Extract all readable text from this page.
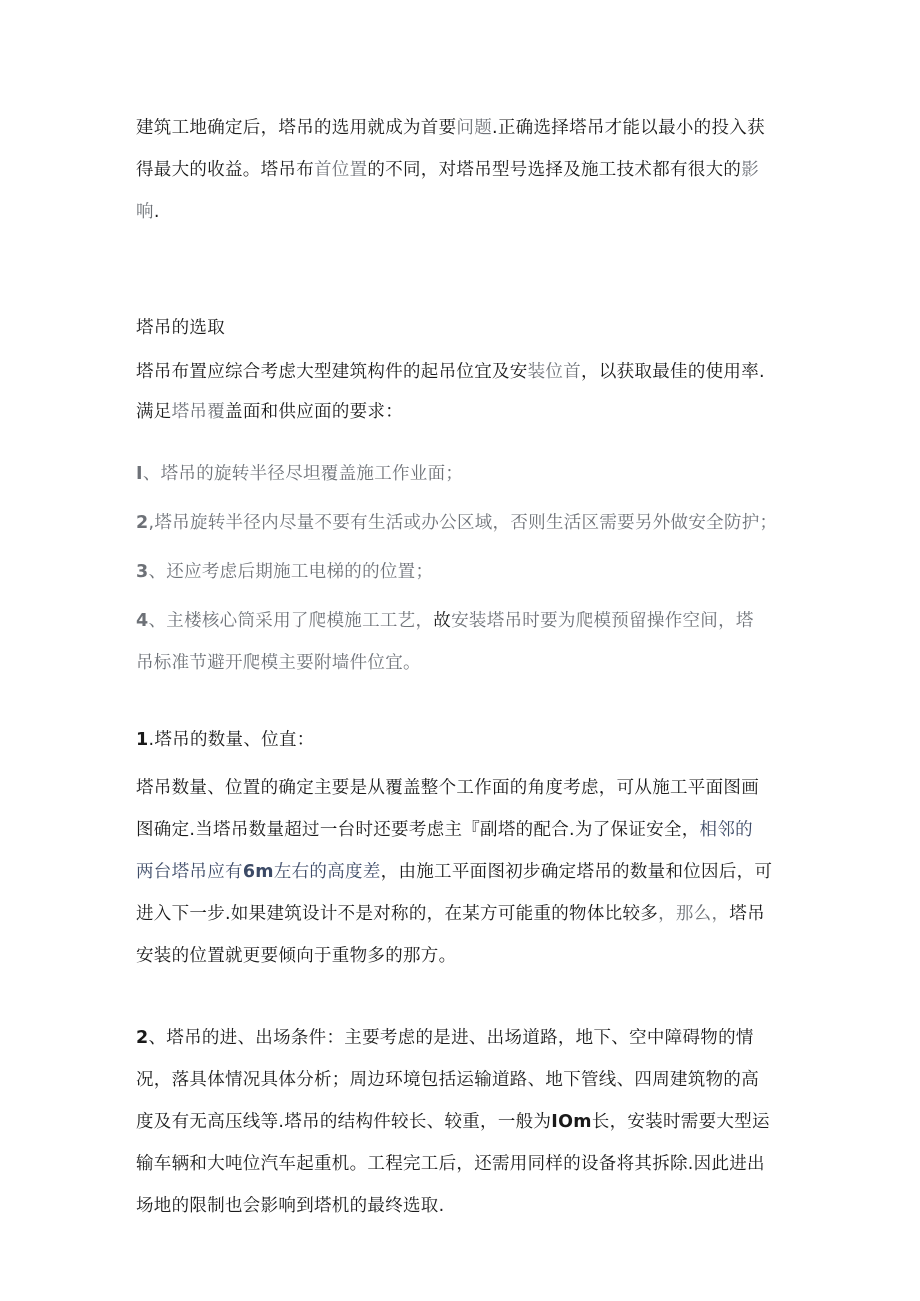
建筑工地确定后，塔吊的选用就成为首要问题.正确选择塔吊才能以最小的投入获
得最大的收益。塔吊布首位置的不同，对塔吊型号选择及施工技术都有很大的影
响.
塔吊的选取
塔吊布置应综合考虑大型建筑构件的起吊位宜及安装位首，以获取最佳的使用率.
满足塔吊覆盖面和供应面的要求：
I、塔吊的旋转半径尽坦覆盖施工作业面；
2,塔吊旋转半径内尽量不要有生活或办公区域，否则生活区需要另外做安全防护；
3、还应考虑后期施工电梯的的位置；
4、主楼核心筒采用了爬模施工工艺，故安装塔吊时要为爬模预留操作空间，塔
吊标准节避开爬模主要附墙件位宜。
1.塔吊的数量、位直：
塔吊数量、位置的确定主要是从覆盖整个工作面的角度考虑，可从施工平面图画
图确定.当塔吊数量超过一台时还要考虑主『副塔的配合.为了保证安全，相邻的
两台塔吊应有6m左右的高度差，由施工平面图初步确定塔吊的数量和位因后，可
进入下一步.如果建筑设计不是对称的，在某方可能重的物体比较多，那么，塔吊
安装的位置就更要倾向于重物多的那方。
2、塔吊的进、出场条件：主要考虑的是进、出场道路，地下、空中障碍物的情
况，落具体情况具体分析；周边环境包括运输道路、地下管线、四周建筑物的高
度及有无高压线等.塔吊的结构件较长、较重，一般为IOm长，安装时需要大型运
输车辆和大吨位汽车起重机。工程完工后，还需用同样的设备将其拆除.因此进出
场地的限制也会影响到塔机的最终选取.
